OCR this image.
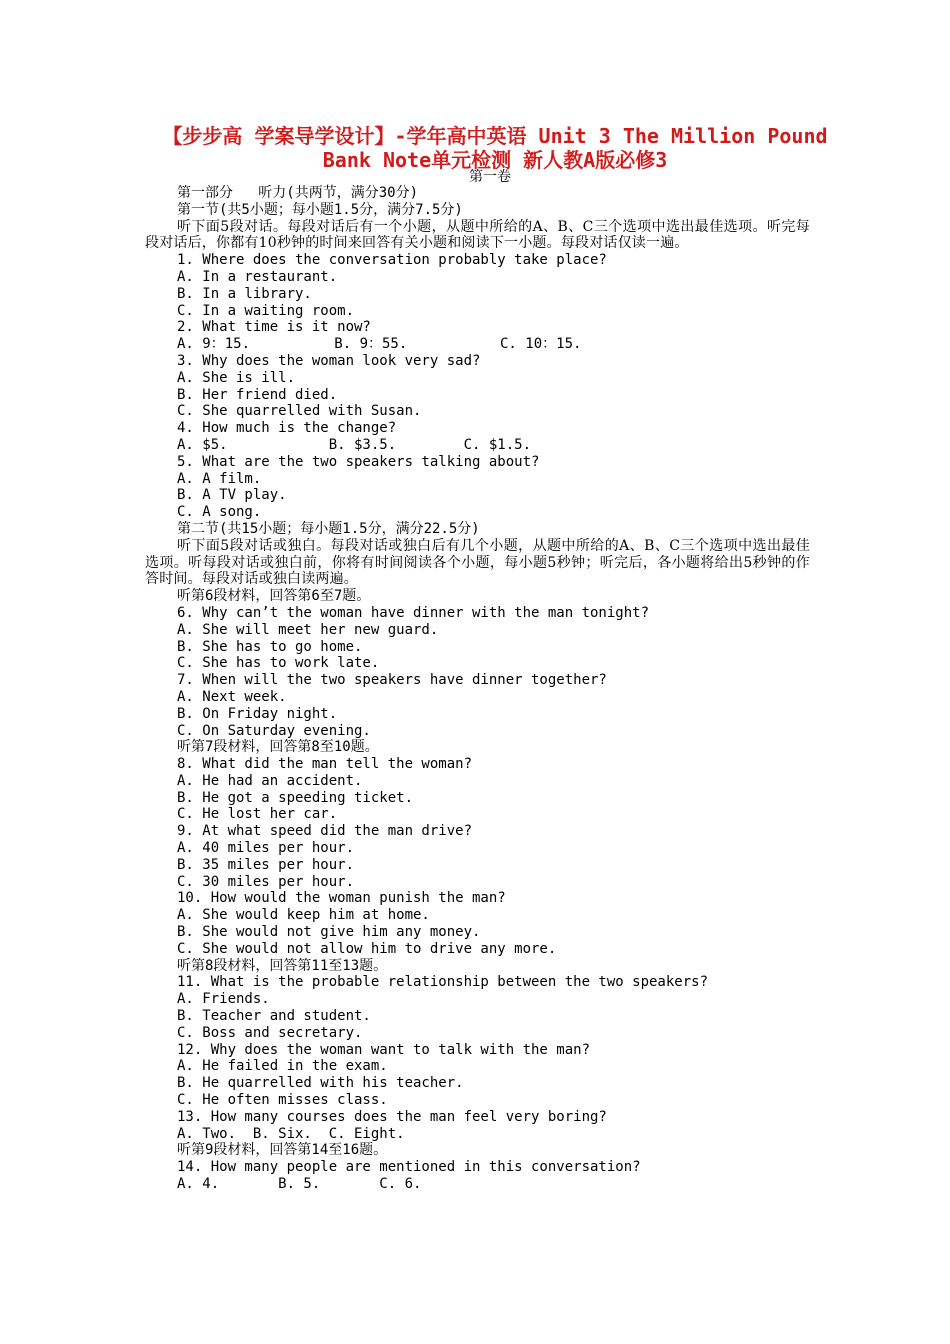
【步步高 学案导学设计】-学年高中英语 Unit 3 The Million Pound Bank Note单元检测 新人教A版必修3
第一卷

第一部分   听力(共两节，满分30分)

第一节(共5小题；每小题1.5分，满分7.5分)

听下面5段对话。每段对话后有一个小题，从题中所给的A、B、C三个选项中选出最佳选项。听完每段对话后，你都有10秒钟的时间来回答有关小题和阅读下一小题。每段对话仅读一遍。

1. Where does the conversation probably take place?

A. In a restaurant.

B. In a library.

C. In a waiting room.

2. What time is it now?

A. 9：15.          B. 9：55.           C. 10：15.

3. Why does the woman look very sad?

A. She is ill.

B. Her friend died.

C. She quarrelled with Susan.

4. How much is the change?

A. $5.            B. $3.5.        C. $1.5.

5. What are the two speakers talking about?

A. A film.

B. A TV play.

C. A song.

第二节(共15小题；每小题1.5分，满分22.5分)

听下面5段对话或独白。每段对话或独白后有几个小题，从题中所给的A、B、C三个选项中选出最佳选项。听每段对话或独白前，你将有时间阅读各个小题，每小题5秒钟；听完后，各小题将给出5秒钟的作答时间。每段对话或独白读两遍。

听第6段材料，回答第6至7题。

6. Why can’t the woman have dinner with the man tonight?

A. She will meet her new guard.

B. She has to go home.

C. She has to work late.

7. When will the two speakers have dinner together?

A. Next week.

B. On Friday night.

C. On Saturday evening.

听第7段材料，回答第8至10题。

8. What did the man tell the woman?

A. He had an accident.

B. He got a speeding ticket.

C. He lost her car.

9. At what speed did the man drive?

A. 40 miles per hour.

B. 35 miles per hour.

C. 30 miles per hour.

10. How would the woman punish the man?

A. She would keep him at home.

B. She would not give him any money.

C. She would not allow him to drive any more.

听第8段材料，回答第11至13题。

11. What is the probable relationship between the two speakers?

A. Friends.

B. Teacher and student.

C. Boss and secretary.

12. Why does the woman want to talk with the man?

A. He failed in the exam.

B. He quarrelled with his teacher.

C. He often misses class.

13. How many courses does the man feel very boring?

A. Two.  B. Six.  C. Eight.

听第9段材料，回答第14至16题。

14. How many people are mentioned in this conversation?

A. 4.       B. 5.       C. 6.
